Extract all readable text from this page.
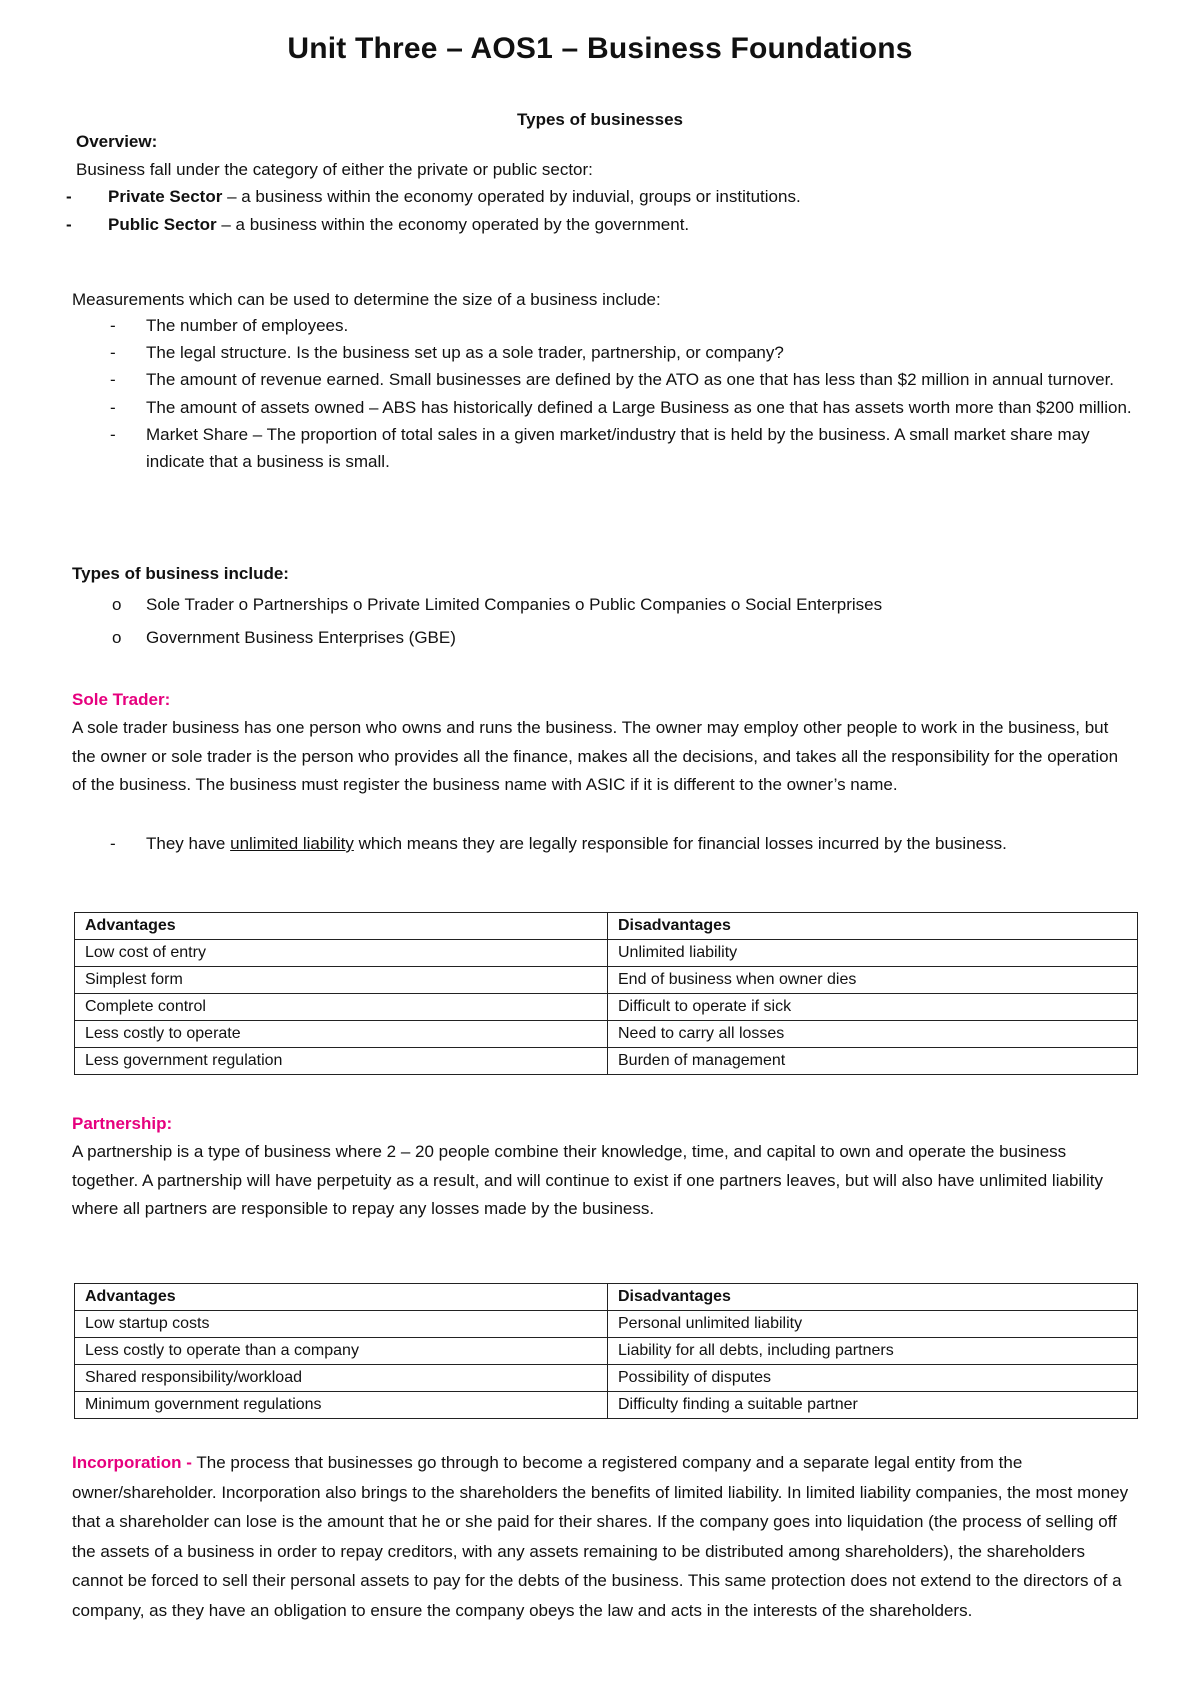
Unit Three – AOS1 – Business Foundations
Types of businesses
Overview:
Business fall under the category of either the private or public sector:
- Private Sector – a business within the economy operated by induvial, groups or institutions.
- Public Sector – a business within the economy operated by the government.
Measurements which can be used to determine the size of a business include:
- The number of employees.
- The legal structure. Is the business set up as a sole trader, partnership, or company?
- The amount of revenue earned. Small businesses are defined by the ATO as one that has less than $2 million in annual turnover.
- The amount of assets owned – ABS has historically defined a Large Business as one that has assets worth more than $200 million.
- Market Share – The proportion of total sales in a given market/industry that is held by the business. A small market share may indicate that a business is small.
Types of business include:
o Sole Trader o Partnerships o Private Limited Companies o Public Companies o Social Enterprises
o Government Business Enterprises (GBE)
Sole Trader:
A sole trader business has one person who owns and runs the business. The owner may employ other people to work in the business, but the owner or sole trader is the person who provides all the finance, makes all the decisions, and takes all the responsibility for the operation of the business. The business must register the business name with ASIC if it is different to the owner’s name.
- They have unlimited liability which means they are legally responsible for financial losses incurred by the business.
Advantages	Disadvantages
Low cost of entry	Unlimited liability
Simplest form	End of business when owner dies
Complete control	Difficult to operate if sick
Less costly to operate	Need to carry all losses
Less government regulation	Burden of management
Partnership:
A partnership is a type of business where 2 – 20 people combine their knowledge, time, and capital to own and operate the business together. A partnership will have perpetuity as a result, and will continue to exist if one partners leaves, but will also have unlimited liability where all partners are responsible to repay any losses made by the business.
Advantages	Disadvantages
Low startup costs	Personal unlimited liability
Less costly to operate than a company	Liability for all debts, including partners
Shared responsibility/workload	Possibility of disputes
Minimum government regulations	Difficulty finding a suitable partner
Incorporation - The process that businesses go through to become a registered company and a separate legal entity from the owner/shareholder. Incorporation also brings to the shareholders the benefits of limited liability. In limited liability companies, the most money that a shareholder can lose is the amount that he or she paid for their shares. If the company goes into liquidation (the process of selling off the assets of a business in order to repay creditors, with any assets remaining to be distributed among shareholders), the shareholders cannot be forced to sell their personal assets to pay for the debts of the business. This same protection does not extend to the directors of a company, as they have an obligation to ensure the company obeys the law and acts in the interests of the shareholders.
